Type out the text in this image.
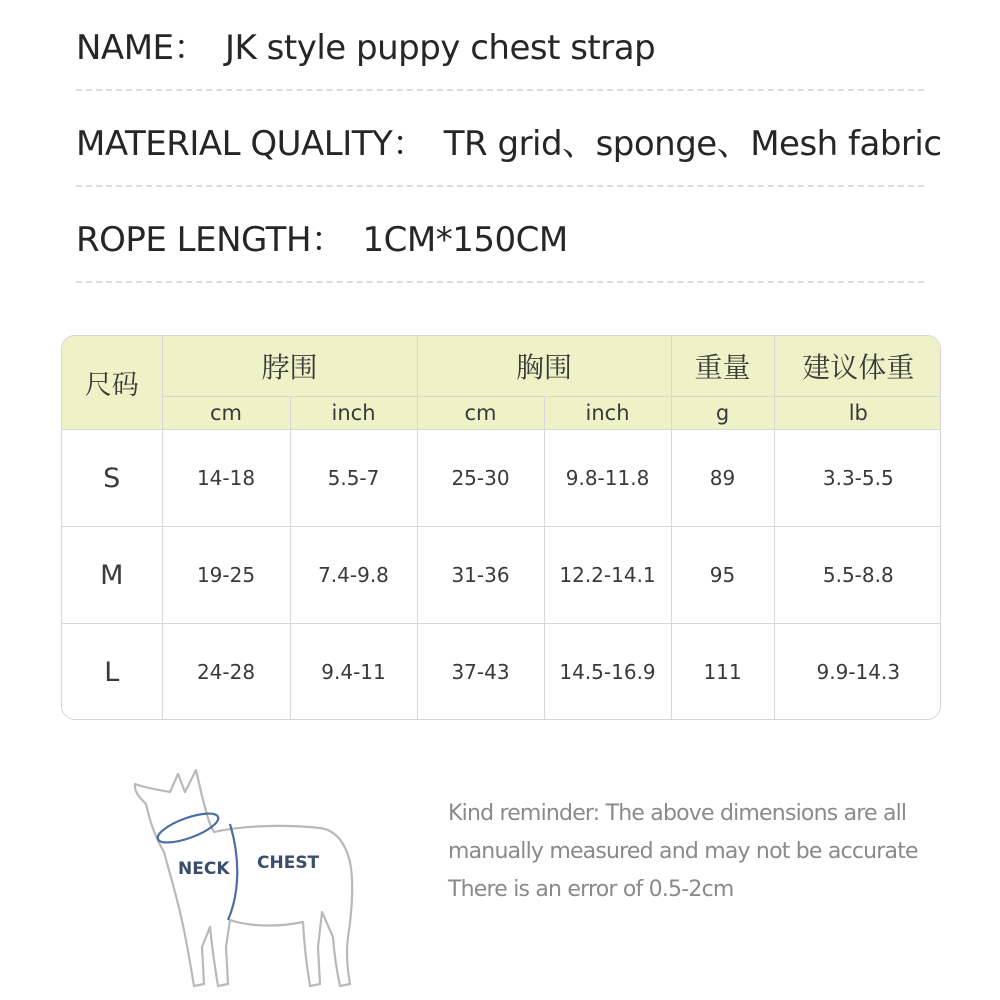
NAME： JK style puppy chest strap
MATERIAL QUALITY： TR grid、sponge、Mesh fabric
ROPE LENGTH： 1CM*150CM
尺码	脖围		胸围		重量	建议体重
	cm	inch	cm	inch	g	lb
S	14-18	5.5-7	25-30	9.8-11.8	89	3.3-5.5
M	19-25	7.4-9.8	31-36	12.2-14.1	95	5.5-8.8
L	24-28	9.4-11	37-43	14.5-16.9	111	9.9-14.3
NECK CHEST
Kind reminder: The above dimensions are all
manually measured and may not be accurate
There is an error of 0.5-2cm
